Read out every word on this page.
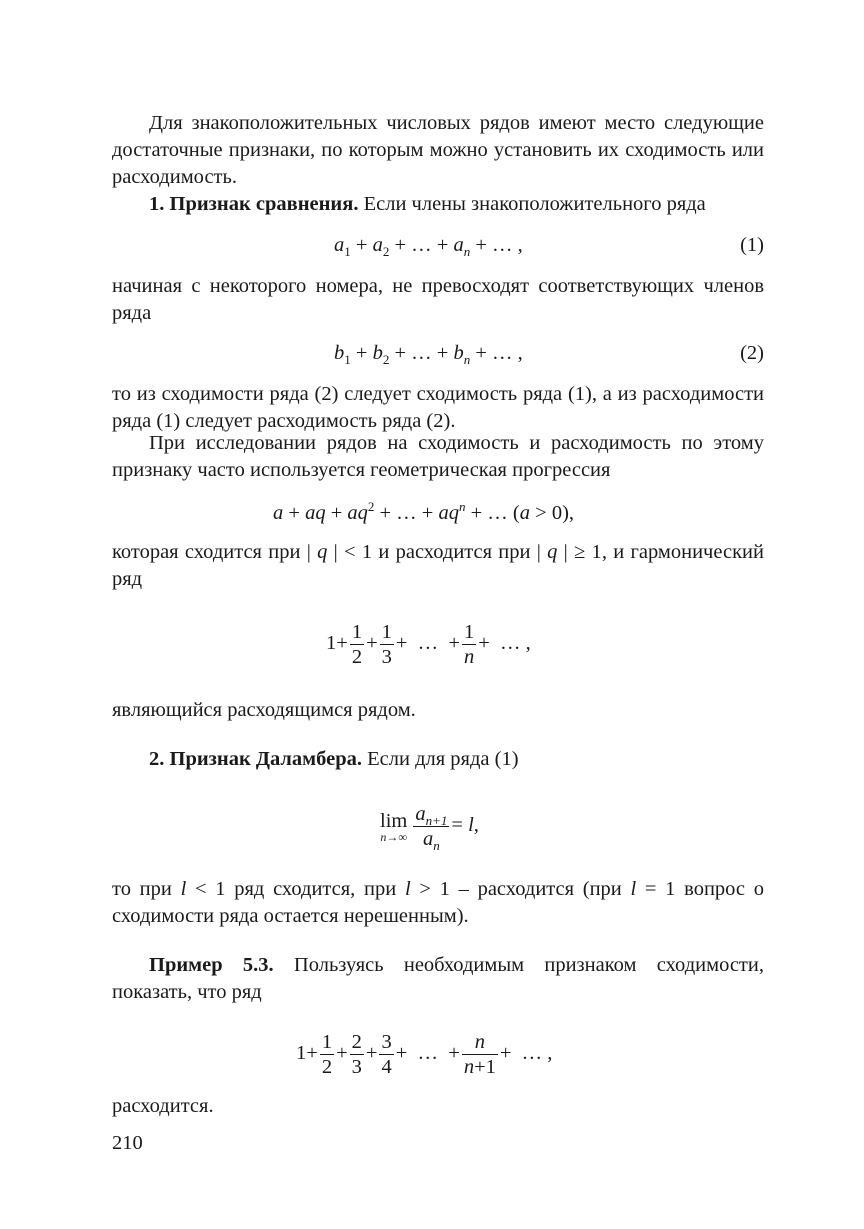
Для знакоположительных числовых рядов имеют место следующие достаточные признаки, по которым можно установить их сходимость или расходимость.
1. Признак сравнения. Если члены знакоположительного ряда
$a_1 + a_2$ + … + $a_n$ + … ,	(1)
начиная с некоторого номера, не превосходят соответствующих членов ряда
$b_1 + b_2$ + … + $b_n$ + … ,	(2)
то из сходимости ряда (2) следует сходимость ряда (1), а из расходимости ряда (1) следует расходимость ряда (2).
При исследовании рядов на сходимость и расходимость по этому признаку часто используется геометрическая прогрессия
a + aq + $aq^2$ + … + $aq^n$ + … (a > 0),
которая сходится при | q | < 1 и расходится при | q | ≥ 1, и гармонический ряд
$1+ \frac{1}{2} + \frac{1}{3}$ +  …  + $\frac{1}{n}$ +  … ,
являющийся расходящимся рядом.
2. Признак Даламбера. Если для ряда (1)
lim
$n\to\infty \frac{a_{n+1}}{a_n} = l$,
то при l < 1 ряд сходится, при l > 1 – расходится (при l = 1 вопрос о сходимости ряда остается нерешенным).
Пример 5.3. Пользуясь необходимым признаком сходимости, показать, что ряд
$1+ \frac{1}{2} + \frac{2}{3} + \frac{3}{4}$ +  …  + $\frac{n}{n+1}$ +  … ,
расходится.
210
